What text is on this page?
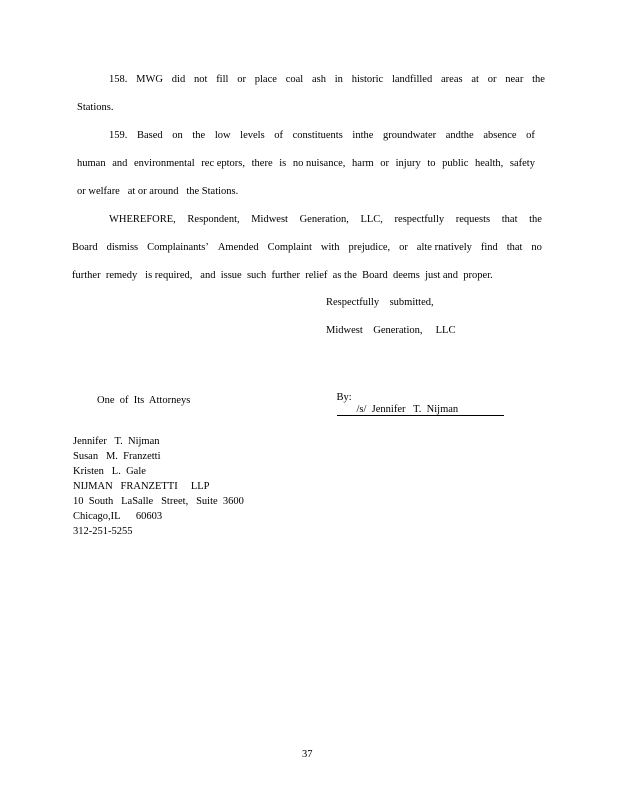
158. MWG did not fill or place coal ash in historic landfilled areas at or near the
Stations.
159. Based on the low levels of constituents inthe groundwater andthe absence of
human and environmental rec eptors, there is no nuisance, harm or injury to public health, safety
or welfare   at or around   the Stations.
WHEREFORE, Respondent, Midwest Generation, LLC, respectfully requests that the
Board dismiss Complainants’ Amended Complaint with prejudice, or alte rnatively find that no
further  remedy   is required,   and  issue  such  further  relief  as the  Board  deems  just and  proper.
Respectfully    submitted,
Midwest    Generation,     LLC

By:
/s/  Jennifer   T.  Nijman

One  of  Its  Attorneys
Jennifer   T.  Nijman
Susan   M.  Franzetti
Kristen   L.  Gale
NIJMAN   FRANZETTI     LLP
10  South   LaSalle   Street,   Suite  3600
Chicago,IL      60603
312-251-5255
37
